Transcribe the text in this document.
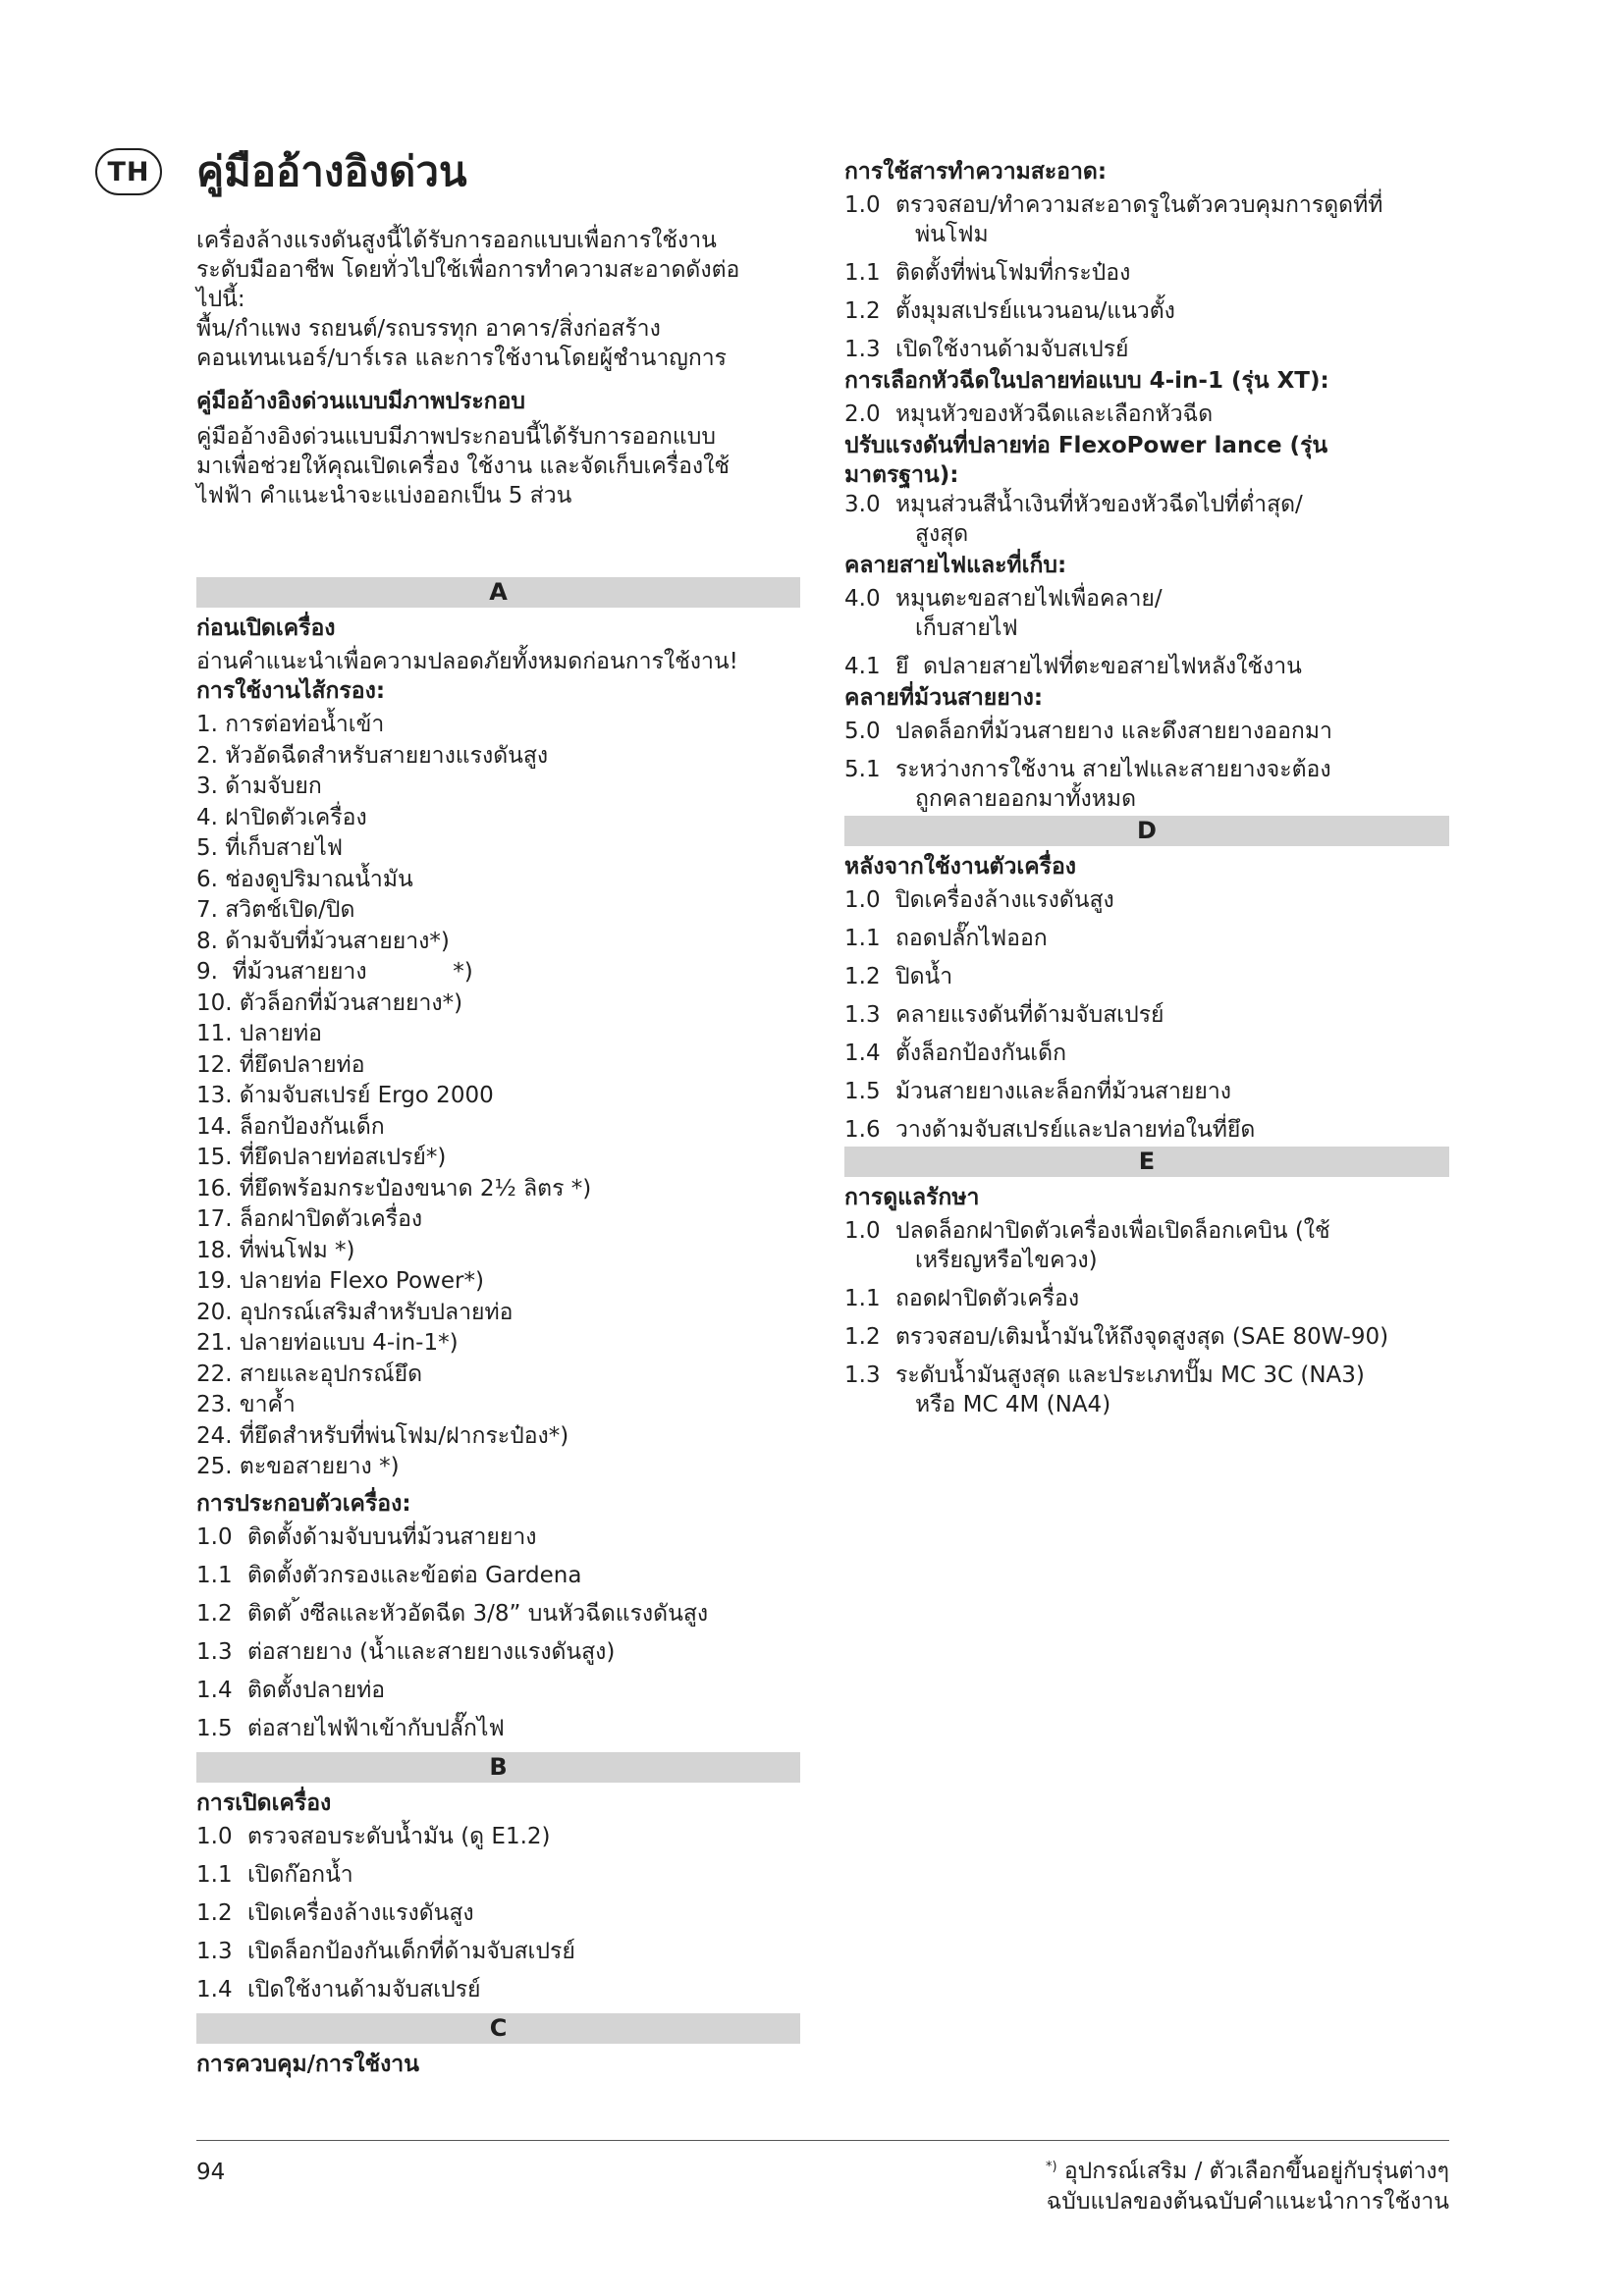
TH คู่มืออ้างอิงด่วน
เครื่องล้างแรงดันสูงนี้ได้รับการออกแบบเพื่อการใช้งาน
ระดับมืออาชีพ โดยทั่วไปใช้เพื่อการทำความสะอาดดังต่อ
ไปนี้:
พื้น/กำแพง รถยนต์/รถบรรทุก อาคาร/สิ่งก่อสร้าง
คอนเทนเนอร์/บาร์เรล และการใช้งานโดยผู้ชำนาญการ
คู่มืออ้างอิงด่วนแบบมีภาพประกอบ
คู่มืออ้างอิงด่วนแบบมีภาพประกอบนี้ได้รับการออกแบบ
มาเพื่อช่วยให้คุณเปิดเครื่อง ใช้งาน และจัดเก็บเครื่องใช้
ไฟฟ้า คำแนะนำจะแบ่งออกเป็น 5 ส่วน
A
ก่อนเปิดเครื่อง
อ่านคำแนะนำเพื่อความปลอดภัยทั้งหมดก่อนการใช้งาน!
การใช้งานไส้กรอง:
1. การต่อท่อน้ำเข้า
2. หัวอัดฉีดสำหรับสายยางแรงดันสูง
3. ด้ามจับยก
4. ฝาปิดตัวเครื่อง
5. ที่เก็บสายไฟ
6. ช่องดูปริมาณน้ำมัน
7. สวิตช์เปิด/ปิด
8. ด้ามจับที่ม้วนสายยาง*)
9.  ที่ม้วนสายยาง            *)
10. ตัวล็อกที่ม้วนสายยาง*)
11. ปลายท่อ
12. ที่ยึดปลายท่อ
13. ด้ามจับสเปรย์ Ergo 2000
14. ล็อกป้องกันเด็ก
15. ที่ยึดปลายท่อสเปรย์*)
16. ที่ยึดพร้อมกระป๋องขนาด 2½ ลิตร *)
17. ล็อกฝาปิดตัวเครื่อง
18. ที่พ่นโฟม *)
19. ปลายท่อ Flexo Power*)
20. อุปกรณ์เสริมสำหรับปลายท่อ
21. ปลายท่อแบบ 4-in-1*)
22. สายและอุปกรณ์ยึด
23. ขาค้ำ
24. ที่ยึดสำหรับที่พ่นโฟม/ฝากระป๋อง*)
25. ตะขอสายยาง *)
การประกอบตัวเครื่อง:
1.0 ติดตั้งด้ามจับบนที่ม้วนสายยาง
1.1 ติดตั้งตัวกรองและข้อต่อ Gardena
1.2 ติดตั ้งซีลและหัวอัดฉีด 3/8” บนหัวฉีดแรงดันสูง
1.3 ต่อสายยาง (น้ำและสายยางแรงดันสูง)
1.4 ติดตั้งปลายท่อ
1.5 ต่อสายไฟฟ้าเข้ากับปลั๊กไฟ
B
การเปิดเครื่อง
1.0 ตรวจสอบระดับน้ำมัน (ดู E1.2)
1.1 เปิดก๊อกน้ำ
1.2 เปิดเครื่องล้างแรงดันสูง
1.3 เปิดล็อกป้องกันเด็กที่ด้ามจับสเปรย์
1.4 เปิดใช้งานด้ามจับสเปรย์
C
การควบคุม/การใช้งาน
การใช้สารทำความสะอาด:
1.0 ตรวจสอบ/ทำความสะอาดรูในตัวควบคุมการดูดที่ที่
พ่นโฟม
1.1 ติดตั้งที่พ่นโฟมที่กระป๋อง
1.2 ตั้งมุมสเปรย์แนวนอน/แนวตั้ง
1.3 เปิดใช้งานด้ามจับสเปรย์
การเลือกหัวฉีดในปลายท่อแบบ 4-in-1 (รุ่น XT):
2.0 หมุนหัวของหัวฉีดและเลือกหัวฉีด
ปรับแรงดันที่ปลายท่อ FlexoPower lance (รุ่น
มาตรฐาน):
3.0 หมุนส่วนสีน้ำเงินที่หัวของหัวฉีดไปที่ต่ำสุด/
สูงสุด
คลายสายไฟและที่เก็บ:
4.0 หมุนตะขอสายไฟเพื่อคลาย/
เก็บสายไฟ
4.1 ยึ  ดปลายสายไฟที่ตะขอสายไฟหลังใช้งาน
คลายที่ม้วนสายยาง:
5.0 ปลดล็อกที่ม้วนสายยาง และดึงสายยางออกมา
5.1 ระหว่างการใช้งาน สายไฟและสายยางจะต้อง
ถูกคลายออกมาทั้งหมด
D
หลังจากใช้งานตัวเครื่อง
1.0 ปิดเครื่องล้างแรงดันสูง
1.1 ถอดปลั๊กไฟออก
1.2 ปิดน้ำ
1.3 คลายแรงดันที่ด้ามจับสเปรย์
1.4 ตั้งล็อกป้องกันเด็ก
1.5 ม้วนสายยางและล็อกที่ม้วนสายยาง
1.6 วางด้ามจับสเปรย์และปลายท่อในที่ยึด
E
การดูแลรักษา
1.0 ปลดล็อกฝาปิดตัวเครื่องเพื่อเปิดล็อกเคบิน (ใช้
เหรียญหรือไขควง)
1.1 ถอดฝาปิดตัวเครื่อง
1.2 ตรวจสอบ/เติมน้ำมันให้ถึงจุดสูงสุด (SAE 80W-90)
1.3 ระดับน้ำมันสูงสุด และประเภทปั๊ม MC 3C (NA3)
หรือ MC 4M (NA4)
94	*) อุปกรณ์เสริม / ตัวเลือกขึ้นอยู่กับรุ่นต่างๆ
ฉบับแปลของต้นฉบับคำแนะนำการใช้งาน
